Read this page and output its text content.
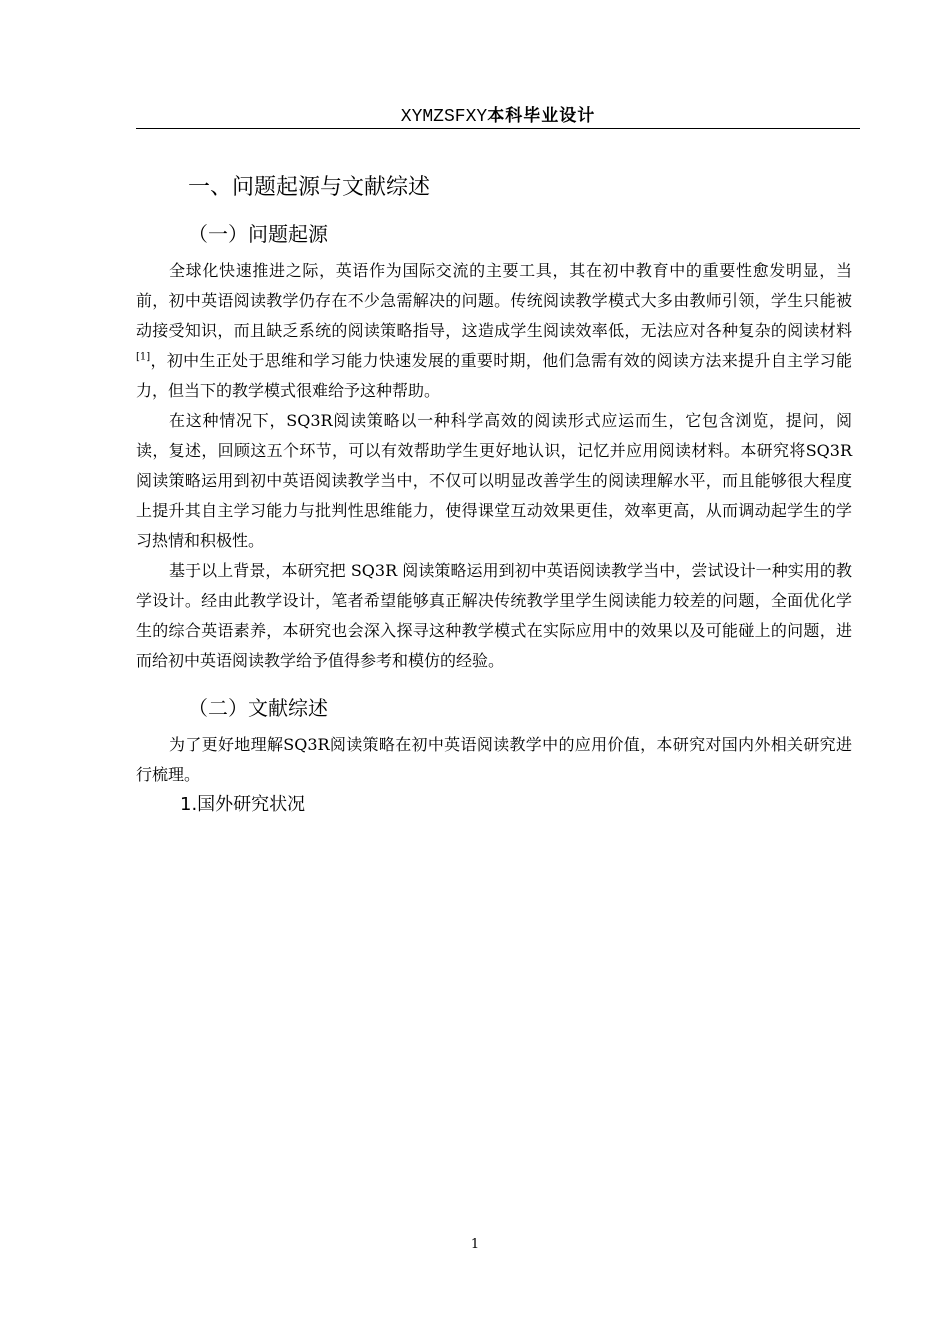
XYMZSFXY本科毕业设计
一、问题起源与文献综述
（一）问题起源

全球化快速推进之际，英语作为国际交流的主要工具，其在初中教育中的重要性愈发明显，当前，初中英语阅读教学仍存在不少急需解决的问题。传统阅读教学模式大多由教师引领，学生只能被动接受知识，而且缺乏系统的阅读策略指导，这造成学生阅读效率低，无法应对各种复杂的阅读材料[1]，初中生正处于思维和学习能力快速发展的重要时期，他们急需有效的阅读方法来提升自主学习能力，但当下的教学模式很难给予这种帮助。

在这种情况下，SQ3R阅读策略以一种科学高效的阅读形式应运而生，它包含浏览，提问，阅读，复述，回顾这五个环节，可以有效帮助学生更好地认识，记忆并应用阅读材料。本研究将SQ3R阅读策略运用到初中英语阅读教学当中，不仅可以明显改善学生的阅读理解水平，而且能够很大程度上提升其自主学习能力与批判性思维能力，使得课堂互动效果更佳，效率更高，从而调动起学生的学习热情和积极性。

基于以上背景，本研究把 SQ3R 阅读策略运用到初中英语阅读教学当中，尝试设计一种实用的教学设计。经由此教学设计，笔者希望能够真正解决传统教学里学生阅读能力较差的问题，全面优化学生的综合英语素养，本研究也会深入探寻这种教学模式在实际应用中的效果以及可能碰上的问题，进而给初中英语阅读教学给予值得参考和模仿的经验。

（二）文献综述

为了更好地理解SQ3R阅读策略在初中英语阅读教学中的应用价值，本研究对国内外相关研究进行梳理。

1.国外研究状况
1
